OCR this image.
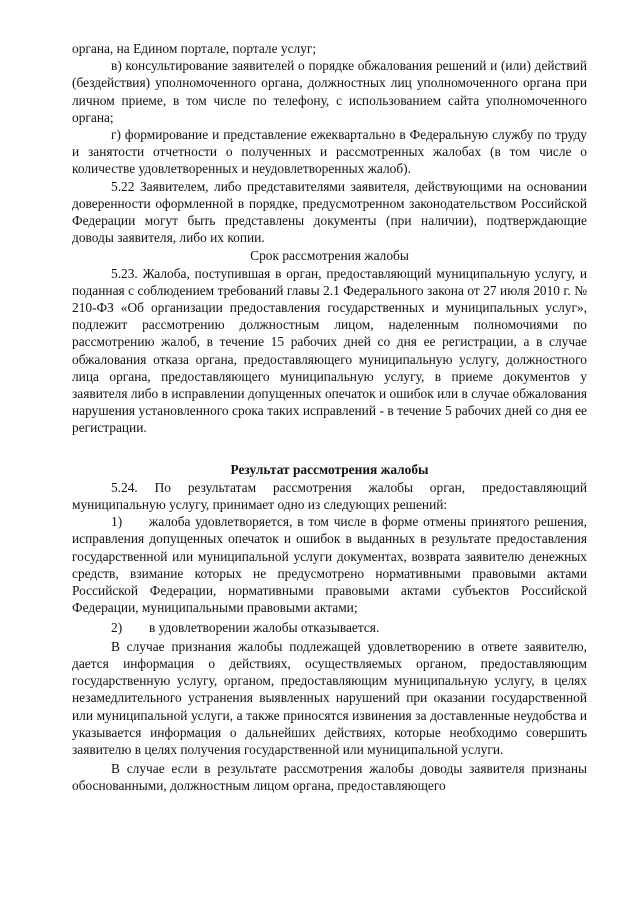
органа, на Едином портале, портале услуг;

в) консультирование заявителей о порядке обжалования решений и (или) действий (бездействия) уполномоченного органа, должностных лиц уполномоченного органа при личном приеме, в том числе по телефону, с использованием сайта уполномоченного органа;

г) формирование и представление ежеквартально в Федеральную службу по труду и занятости отчетности о полученных и рассмотренных жалобах (в том числе о количестве удовлетворенных и неудовлетворенных жалоб).

5.22 Заявителем, либо представителями заявителя, действующими на основании доверенности оформленной в порядке, предусмотренном законодательством Российской Федерации могут быть представлены документы (при наличии), подтверждающие доводы заявителя, либо их копии.

Срок рассмотрения жалобы

5.23. Жалоба, поступившая в орган, предоставляющий муниципальную услугу, и поданная с соблюдением требований главы 2.1 Федерального закона от 27 июля 2010 г. № 210-ФЗ «Об организации предоставления государственных и муниципальных услуг», подлежит рассмотрению должностным лицом, наделенным полномочиями по рассмотрению жалоб, в течение 15 рабочих дней со дня ее регистрации, а в случае обжалования отказа органа, предоставляющего муниципальную услугу, должностного лица органа, предоставляющего муниципальную услугу, в приеме документов у заявителя либо в исправлении допущенных опечаток и ошибок или в случае обжалования нарушения установленного срока таких исправлений - в течение 5 рабочих дней со дня ее регистрации.

Результат рассмотрения жалобы

5.24. По результатам рассмотрения жалобы орган, предоставляющий муниципальную услугу, принимает одно из следующих решений:

1) жалоба удовлетворяется, в том числе в форме отмены принятого решения, исправления допущенных опечаток и ошибок в выданных в результате предоставления государственной или муниципальной услуги документах, возврата заявителю денежных средств, взимание которых не предусмотрено нормативными правовыми актами Российской Федерации, нормативными правовыми актами субъектов Российской Федерации, муниципальными правовыми актами;

2) в удовлетворении жалобы отказывается.

В случае признания жалобы подлежащей удовлетворению в ответе заявителю, дается информация о действиях, осуществляемых органом, предоставляющим государственную услугу, органом, предоставляющим муниципальную услугу, в целях незамедлительного устранения выявленных нарушений при оказании государственной или муниципальной услуги, а также приносятся извинения за доставленные неудобства и указывается информация о дальнейших действиях, которые необходимо совершить заявителю в целях получения государственной или муниципальной услуги.

В случае если в результате рассмотрения жалобы доводы заявителя признаны обоснованными, должностным лицом органа, предоставляющего
